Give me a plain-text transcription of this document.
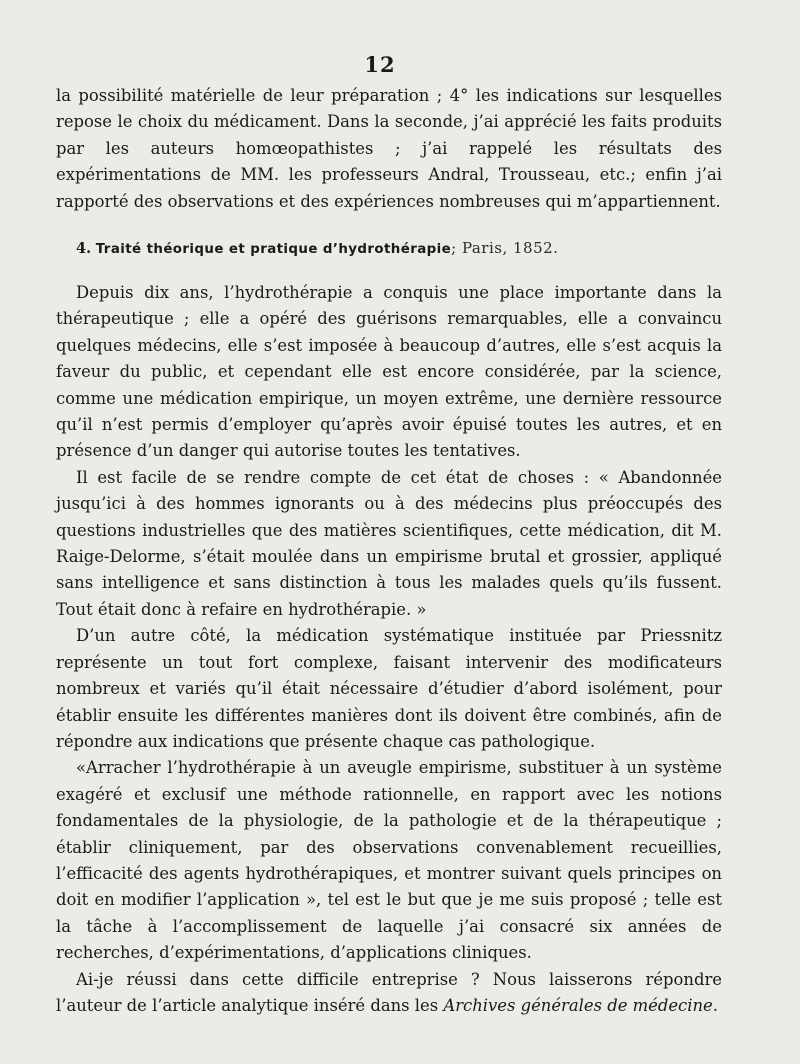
12

la possibilité matérielle de leur préparation ; 4° les indications sur lesquelles repose le choix du médicament. Dans la seconde, j’ai apprécié les faits produits par les auteurs homœopathistes ; j’ai rappelé les résultats des expérimentations de MM. les professeurs Andral, Trousseau, etc.; enfin j’ai rapporté des observations et des expériences nombreuses qui m’appartiennent.

4. Traité théorique et pratique d’hydrothérapie; Paris, 1852.

Depuis dix ans, l’hydrothérapie a conquis une place importante dans la thérapeutique ; elle a opéré des guérisons remarquables, elle a convaincu quelques médecins, elle s’est imposée à beaucoup d’autres, elle s’est acquis la faveur du public, et cependant elle est encore considérée, par la science, comme une médication empirique, un moyen extrême, une dernière ressource qu’il n’est permis d’employer qu’après avoir épuisé toutes les autres, et en présence d’un danger qui autorise toutes les tentatives.

Il est facile de se rendre compte de cet état de choses : « Abandonnée jusqu’ici à des hommes ignorants ou à des médecins plus préoccupés des questions industrielles que des matières scientifiques, cette médication, dit M. Raige-Delorme, s’était moulée dans un empirisme brutal et grossier, appliqué sans intelligence et sans distinction à tous les malades quels qu’ils fussent. Tout était donc à refaire en hydrothérapie. »

D’un autre côté, la médication systématique instituée par Priessnitz représente un tout fort complexe, faisant intervenir des modificateurs nombreux et variés qu’il était nécessaire d’étudier d’abord isolément, pour établir ensuite les différentes manières dont ils doivent être combinés, afin de répondre aux indications que présente chaque cas pathologique.

«Arracher l’hydrothérapie à un aveugle empirisme, substituer à un système exagéré et exclusif une méthode rationnelle, en rapport avec les notions fondamentales de la physiologie, de la pathologie et de la thérapeutique ; établir cliniquement, par des observations convenablement recueillies, l’efficacité des agents hydrothérapiques, et montrer suivant quels principes on doit en modifier l’application », tel est le but que je me suis proposé ; telle est la tâche à l’accomplissement de laquelle j’ai consacré six années de recherches, d’expérimentations, d’applications cliniques.

Ai-je réussi dans cette difficile entreprise ? Nous laisserons répondre l’auteur de l’article analytique inséré dans les Archives générales de médecine.
